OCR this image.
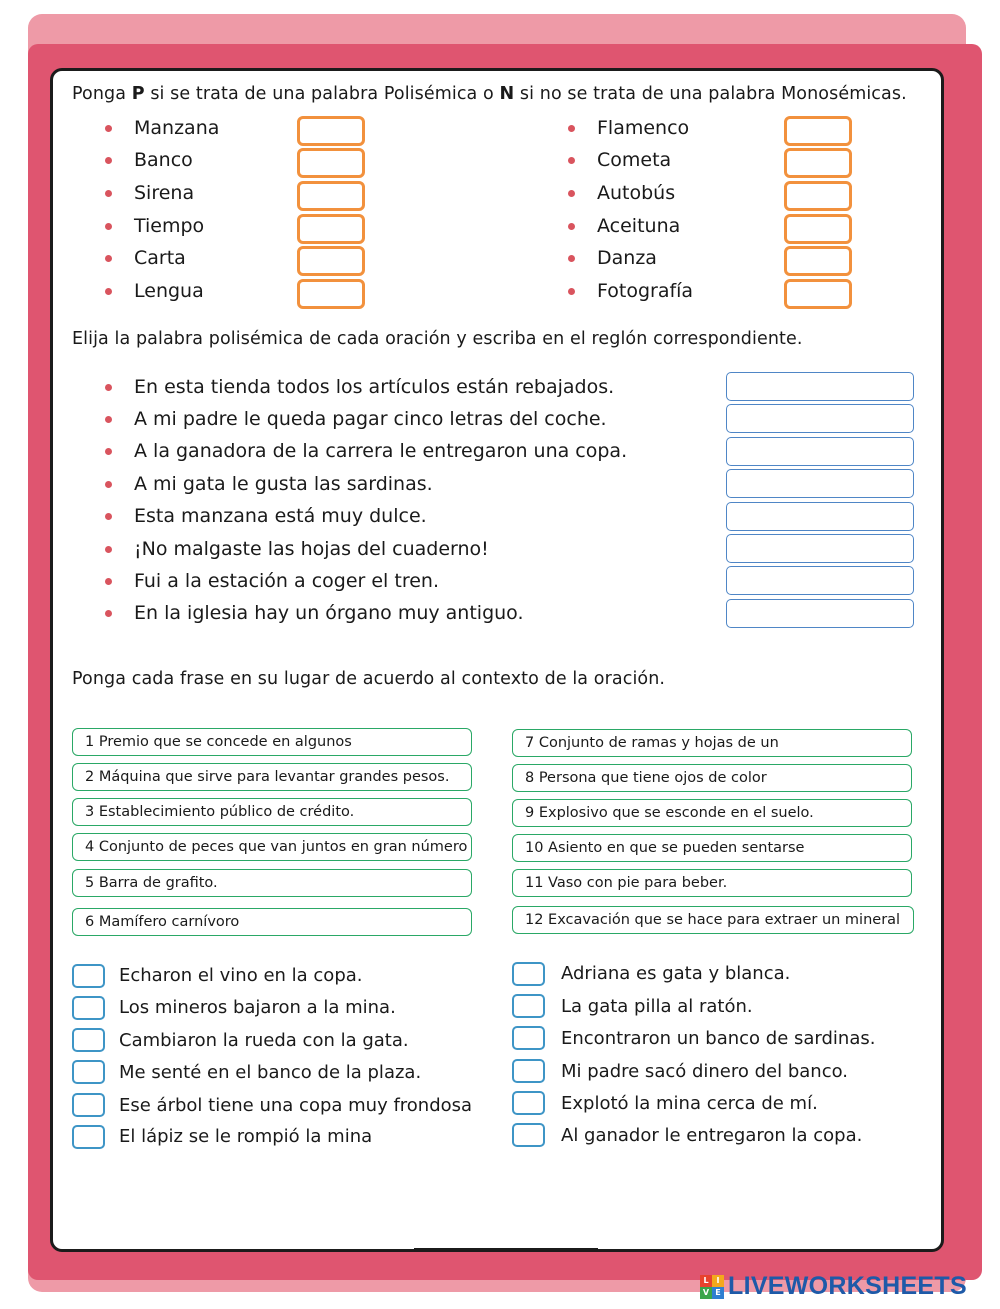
Ponga P si se trata de una palabra Polisémica o N si no se trata de una palabra Monosémicas.
Manzana
Banco
Sirena
Tiempo
Carta
Lengua
Flamenco
Cometa
Autobús
Aceituna
Danza
Fotografía
Elija la palabra polisémica de cada oración y escriba en el reglón correspondiente.
En esta tienda todos los artículos están rebajados.
A mi padre le queda pagar cinco letras del coche.
A la ganadora de la carrera le entregaron una copa.
A mi gata le gusta las sardinas.
Esta manzana está muy dulce.
¡No malgaste las hojas del cuaderno!
Fui a la estación a coger el tren.
En la iglesia hay un órgano muy antiguo.
Ponga cada frase en su lugar de acuerdo al contexto de la oración.
1 Premio que se concede en algunos
2 Máquina que sirve para levantar grandes pesos.
3 Establecimiento público de crédito.
4 Conjunto de peces que van juntos en gran número
5 Barra de grafito.
6 Mamífero carnívoro
7 Conjunto de ramas y hojas de un
8 Persona que tiene ojos de color
9 Explosivo que se esconde en el suelo.
10 Asiento en que se pueden sentarse
11 Vaso con pie para beber.
12 Excavación que se hace para extraer un mineral
Echaron el vino en la copa.
Los mineros bajaron a la mina.
Cambiaron la rueda con la gata.
Me senté en el banco de la plaza.
Ese árbol tiene una copa muy frondosa
El lápiz se le rompió la mina
Adriana es gata y blanca.
La gata pilla al ratón.
Encontraron un banco de sardinas.
Mi padre sacó dinero del banco.
Explotó la mina cerca de mí.
Al ganador le entregaron la copa.
L I
V E LIVEWORKSHEETS
